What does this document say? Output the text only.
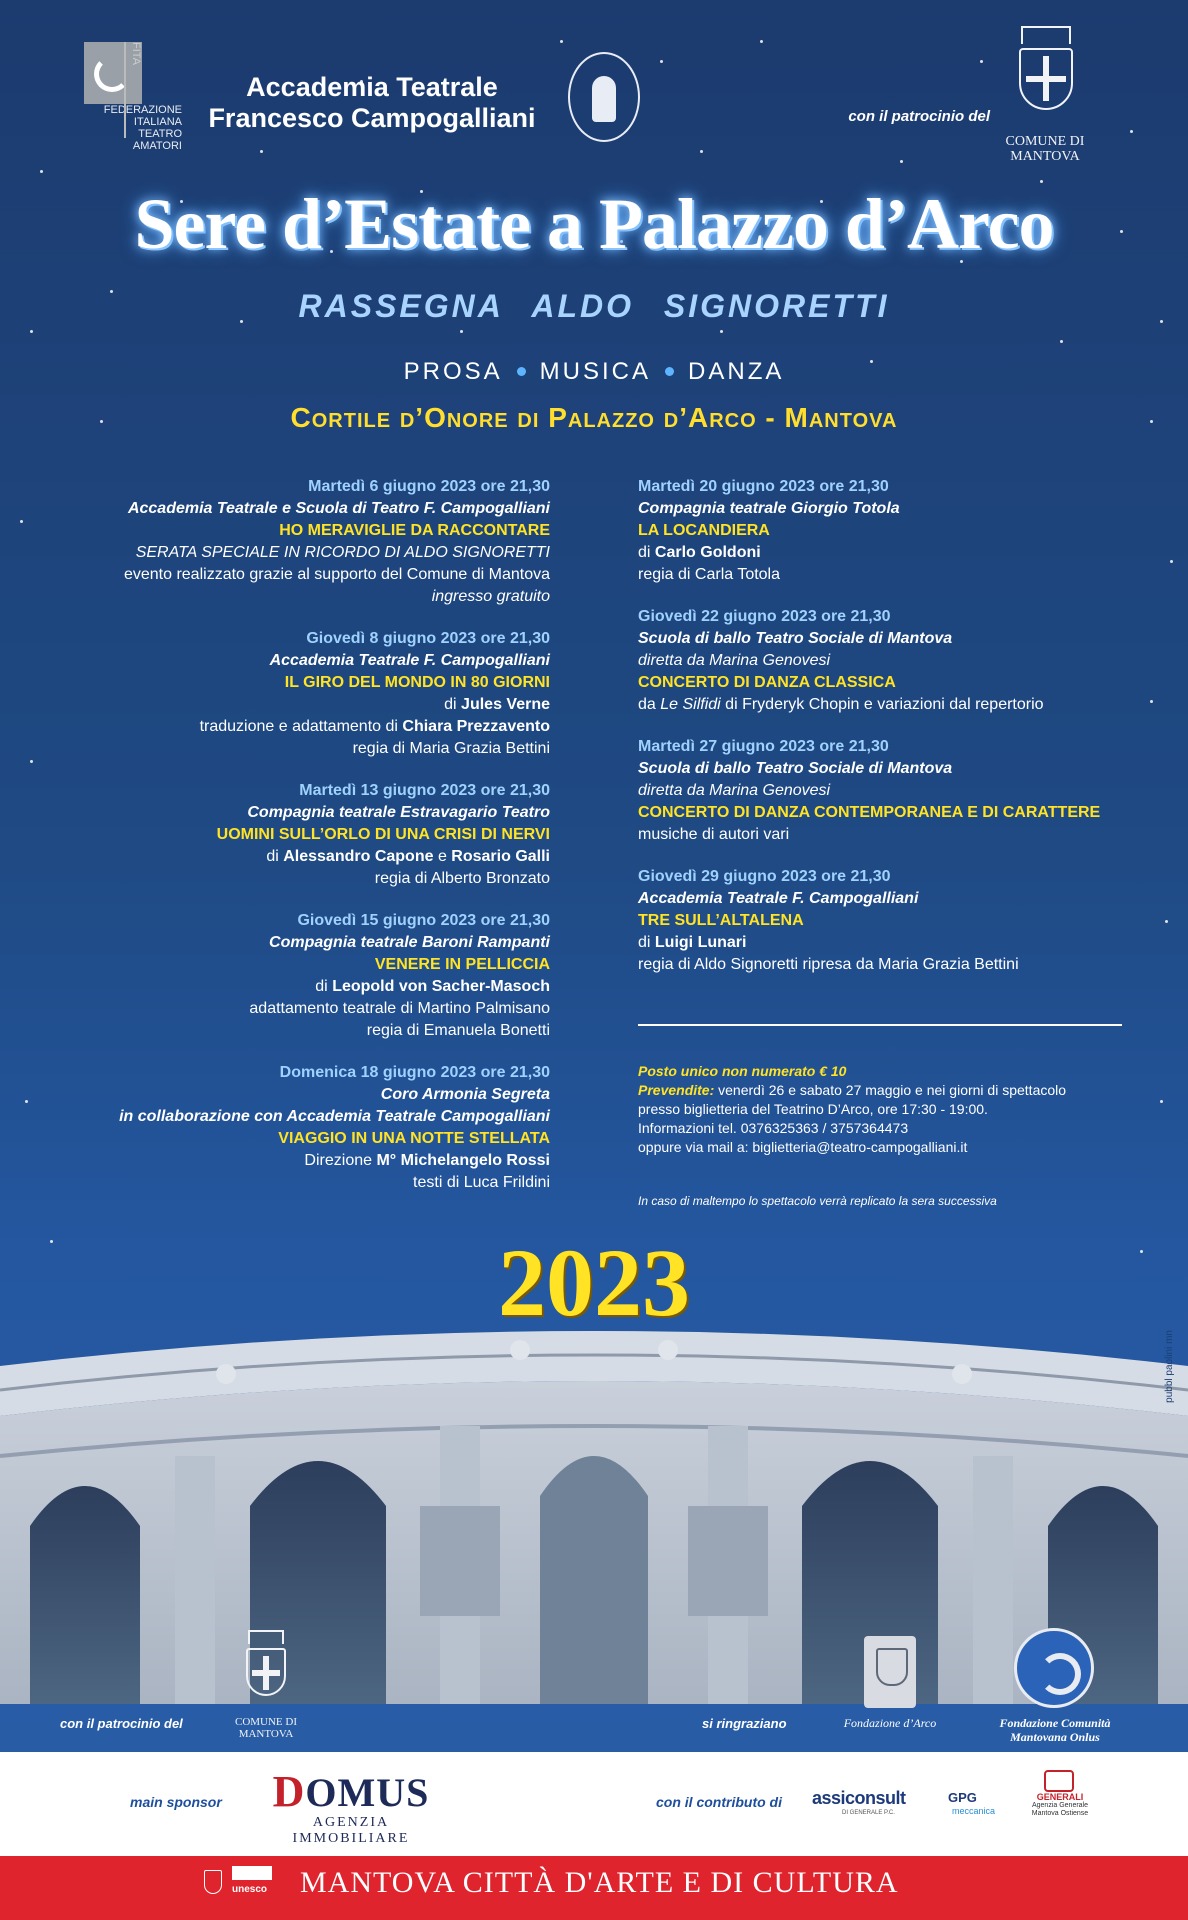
FEDERAZIONE
ITALIANA
TEATRO
AMATORI
FITA
Accademia Teatrale
Francesco Campogalliani	con il patrocinio del
COMUNE DI
MANTOVA
Sere d’Estate a Palazzo d’Arco
RASSEGNA ALDO SIGNORETTI
PROSA MUSICA DANZA
Cortile d’Onore di Palazzo d’Arco - Mantova
Martedì 6 giugno 2023 ore 21,30
Accademia Teatrale e Scuola di Teatro F. Campogalliani
HO MERAVIGLIE DA RACCONTARE
SERATA SPECIALE IN RICORDO DI ALDO SIGNORETTI
evento realizzato grazie al supporto del Comune di Mantova
ingresso gratuito
Giovedì 8 giugno 2023 ore 21,30
Accademia Teatrale F. Campogalliani
IL GIRO DEL MONDO IN 80 GIORNI
di Jules Verne
traduzione e adattamento di Chiara Prezzavento
regia di Maria Grazia Bettini
Martedì 13 giugno 2023 ore 21,30
Compagnia teatrale Estravagario Teatro
UOMINI SULL’ORLO DI UNA CRISI DI NERVI
di Alessandro Capone e Rosario Galli
regia di Alberto Bronzato
Giovedì 15 giugno 2023 ore 21,30
Compagnia teatrale Baroni Rampanti
VENERE IN PELLICCIA
di Leopold von Sacher-Masoch
adattamento teatrale di Martino Palmisano
regia di Emanuela Bonetti
Domenica 18 giugno 2023 ore 21,30
Coro Armonia Segreta
in collaborazione con Accademia Teatrale Campogalliani
VIAGGIO IN UNA NOTTE STELLATA
Direzione M° Michelangelo Rossi
testi di Luca Frildini
Martedì 20 giugno 2023 ore 21,30
Compagnia teatrale Giorgio Totola
LA LOCANDIERA
di Carlo Goldoni
regia di Carla Totola
Giovedì 22 giugno 2023 ore 21,30
Scuola di ballo Teatro Sociale di Mantova
diretta da Marina Genovesi
CONCERTO DI DANZA CLASSICA
da Le Silfidi di Fryderyk Chopin e variazioni dal repertorio
Martedì 27 giugno 2023 ore 21,30
Scuola di ballo Teatro Sociale di Mantova
diretta da Marina Genovesi
CONCERTO DI DANZA CONTEMPORANEA E DI CARATTERE
musiche di autori vari
Giovedì 29 giugno 2023 ore 21,30
Accademia Teatrale F. Campogalliani
TRE SULL’ALTALENA
di Luigi Lunari
regia di Aldo Signoretti ripresa da Maria Grazia Bettini
Posto unico non numerato € 10
Prevendite: venerdì 26 e sabato 27 maggio e nei giorni di spettacolo
presso biglietteria del Teatrino D’Arco, ore 17:30 - 19:00.
Informazioni tel. 0376325363 / 3757364473
oppure via mail a: biglietteria@teatro-campogalliani.it
In caso di maltempo lo spettacolo verrà replicato la sera successiva
pubbl paolini mn
2023
con il patrocinio del	COMUNE DI
MANTOVA
si ringraziano	Fondazione d’Arco	Fondazione Comunità
Mantovana Onlus
main sponsor	DOMUS
AGENZIA IMMOBILIARE
con il contributo di assiconsult
DI GENERALE P.C.
GPG
meccanica
GENERALI
Agenzia Generale Mantova Ostiense
unesco MANTOVA CITTÀ D'ARTE E DI CULTURA
